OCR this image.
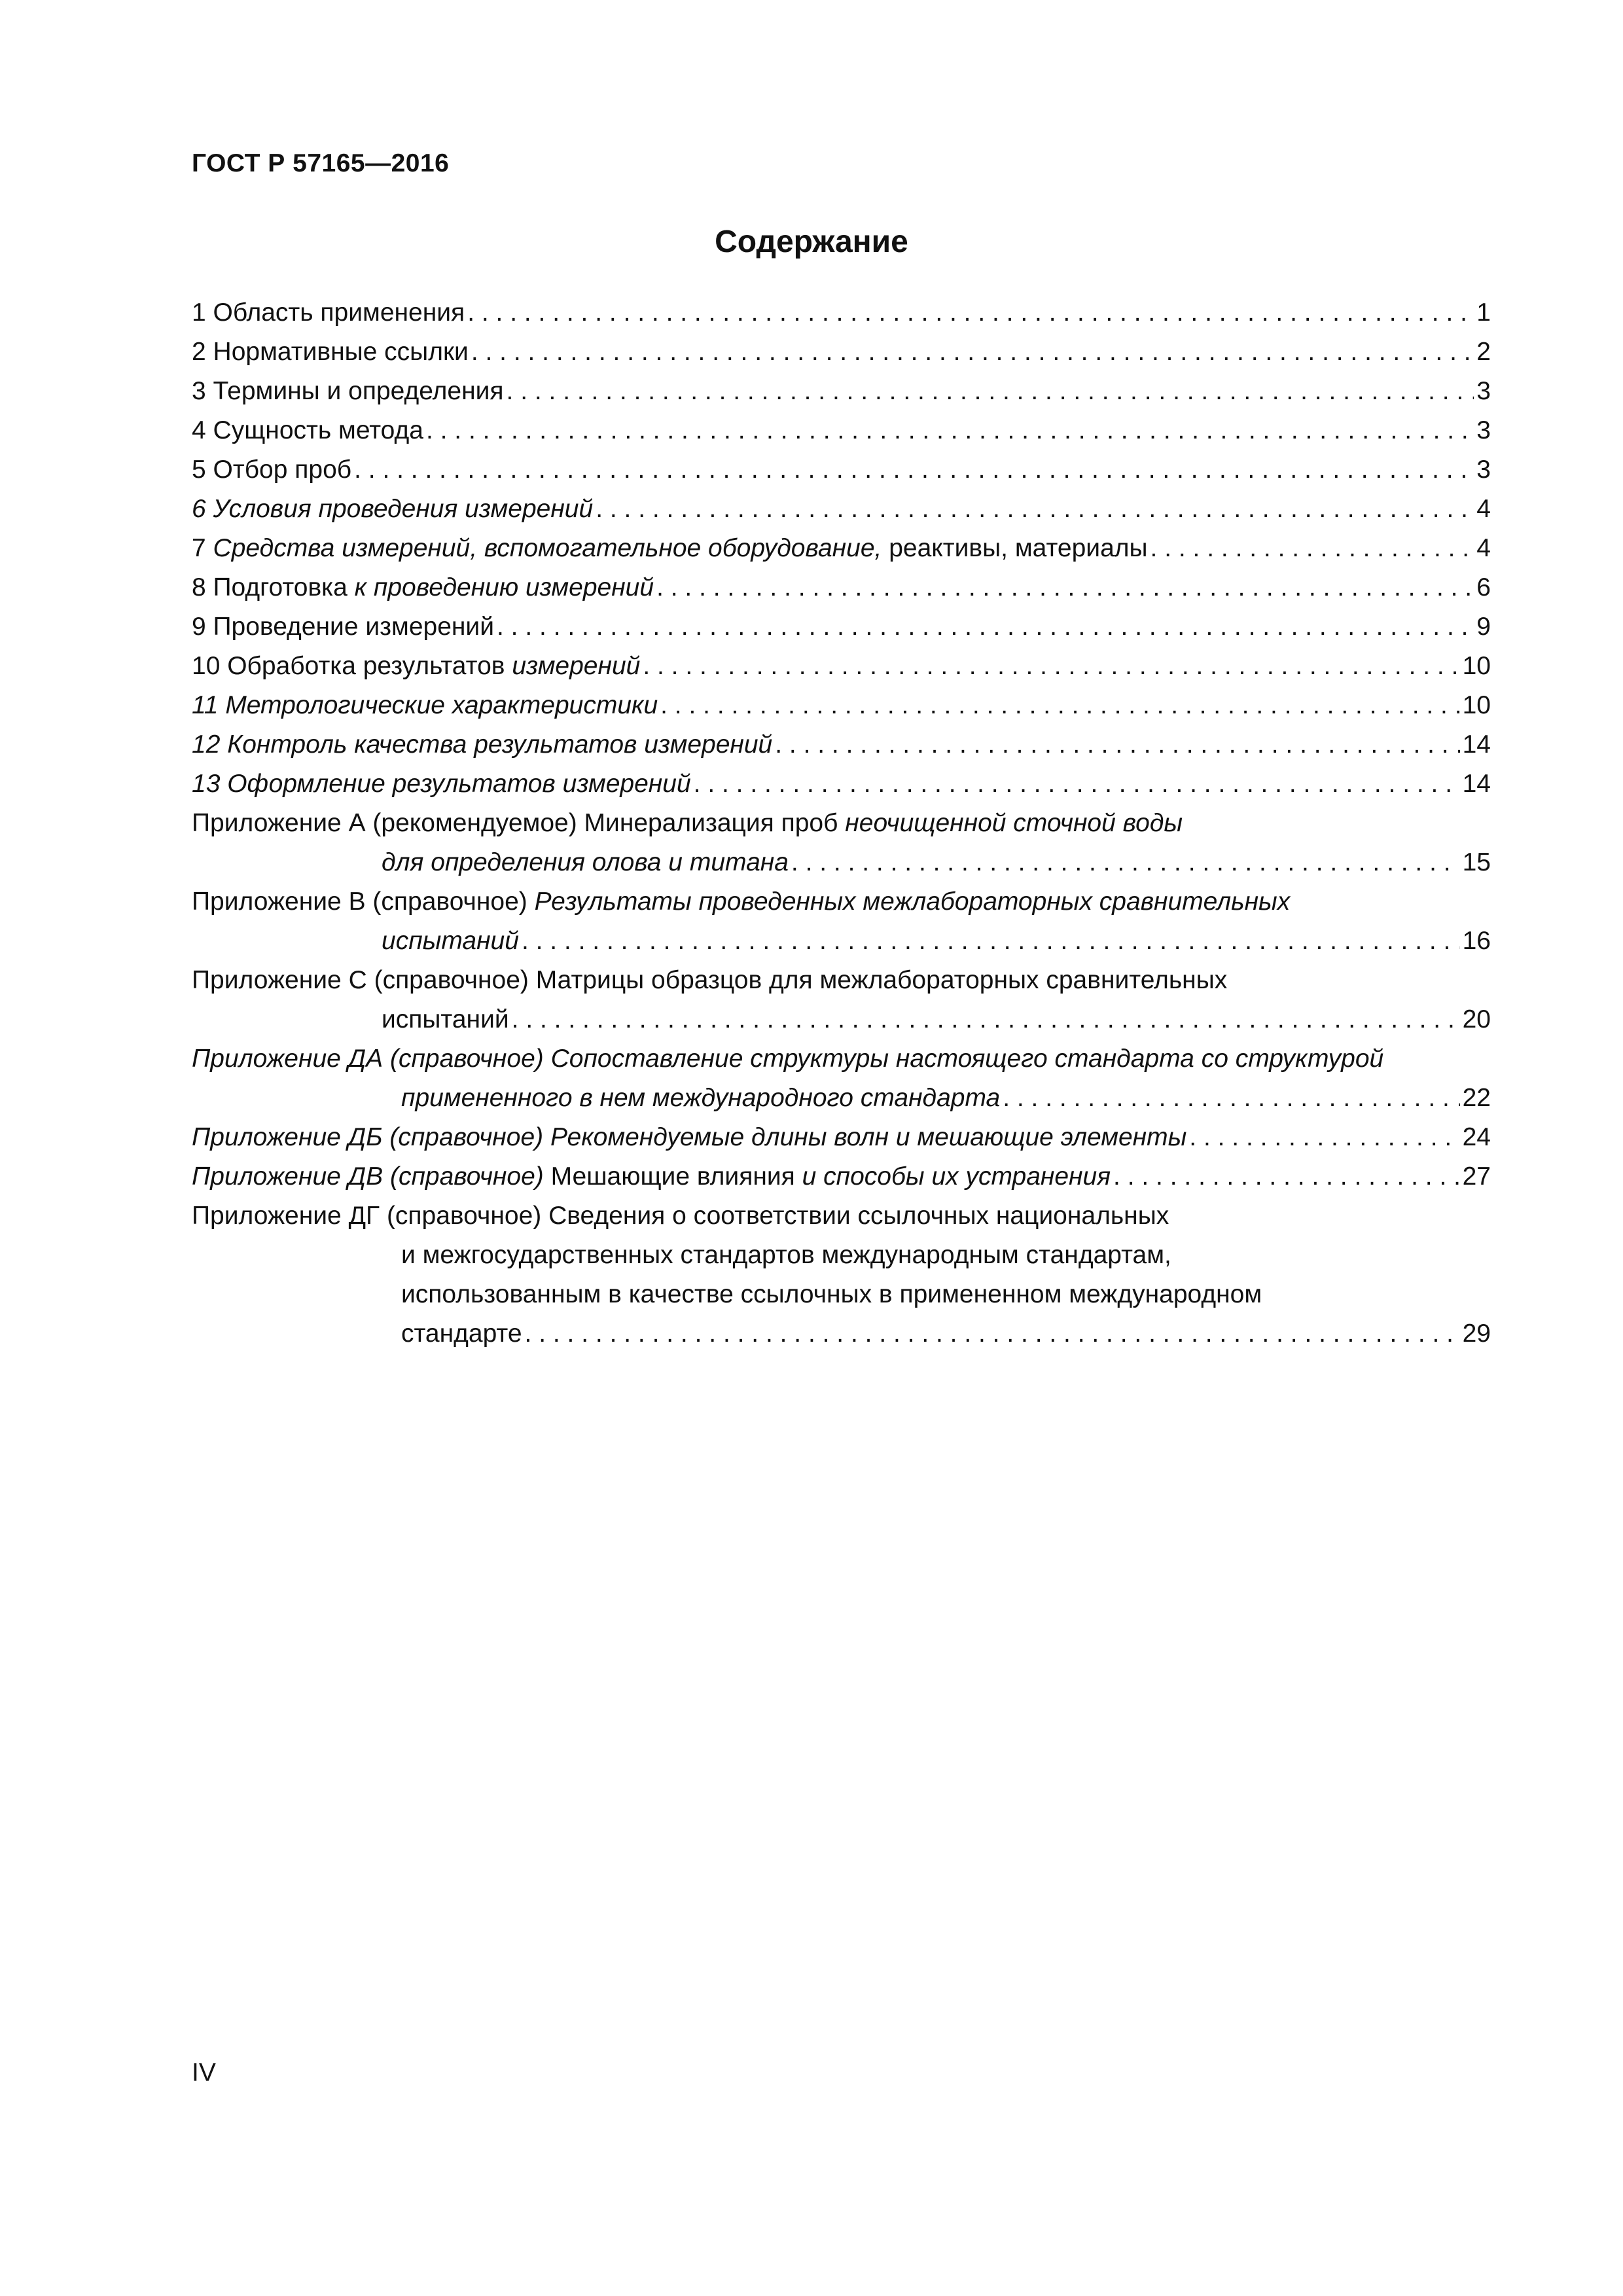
ГОСТ Р 57165—2016
Содержание
1 Область применения . . .	1
2 Нормативные ссылки . . .	2
3 Термины и определения . . .	3
4 Сущность метода . . .	3
5 Отбор проб . . .	3
6 Условия проведения измерений . . .	4
7 Средства измерений, вспомогательное оборудование, реактивы, материалы . . .	4
8 Подготовка к проведению измерений . . .	6
9 Проведение измерений . . .	9
10 Обработка результатов измерений . . .	10
11 Метрологические характеристики . . .	10
12 Контроль качества результатов измерений . . .	14
13 Оформление результатов измерений . . .	14
Приложение А (рекомендуемое) Минерализация проб неочищенной сточной воды
для определения олова и титана . . .	15
Приложение В (справочное) Результаты проведенных межлабораторных сравнительных
испытаний . . .	16
Приложение С (справочное) Матрицы образцов для межлабораторных сравнительных
испытаний . . .	20
Приложение ДА (справочное) Сопоставление структуры настоящего стандарта со структурой
примененного в нем международного стандарта . . .	22
Приложение ДБ (справочное) Рекомендуемые длины волн и мешающие элементы . . .	24
Приложение ДВ (справочное) Мешающие влияния и способы их устранения . . .	27
Приложение ДГ (справочное) Сведения о соответствии ссылочных национальных
и межгосударственных стандартов международным стандартам,
использованным в качестве ссылочных в примененном международном
стандарте . . .	29
IV
